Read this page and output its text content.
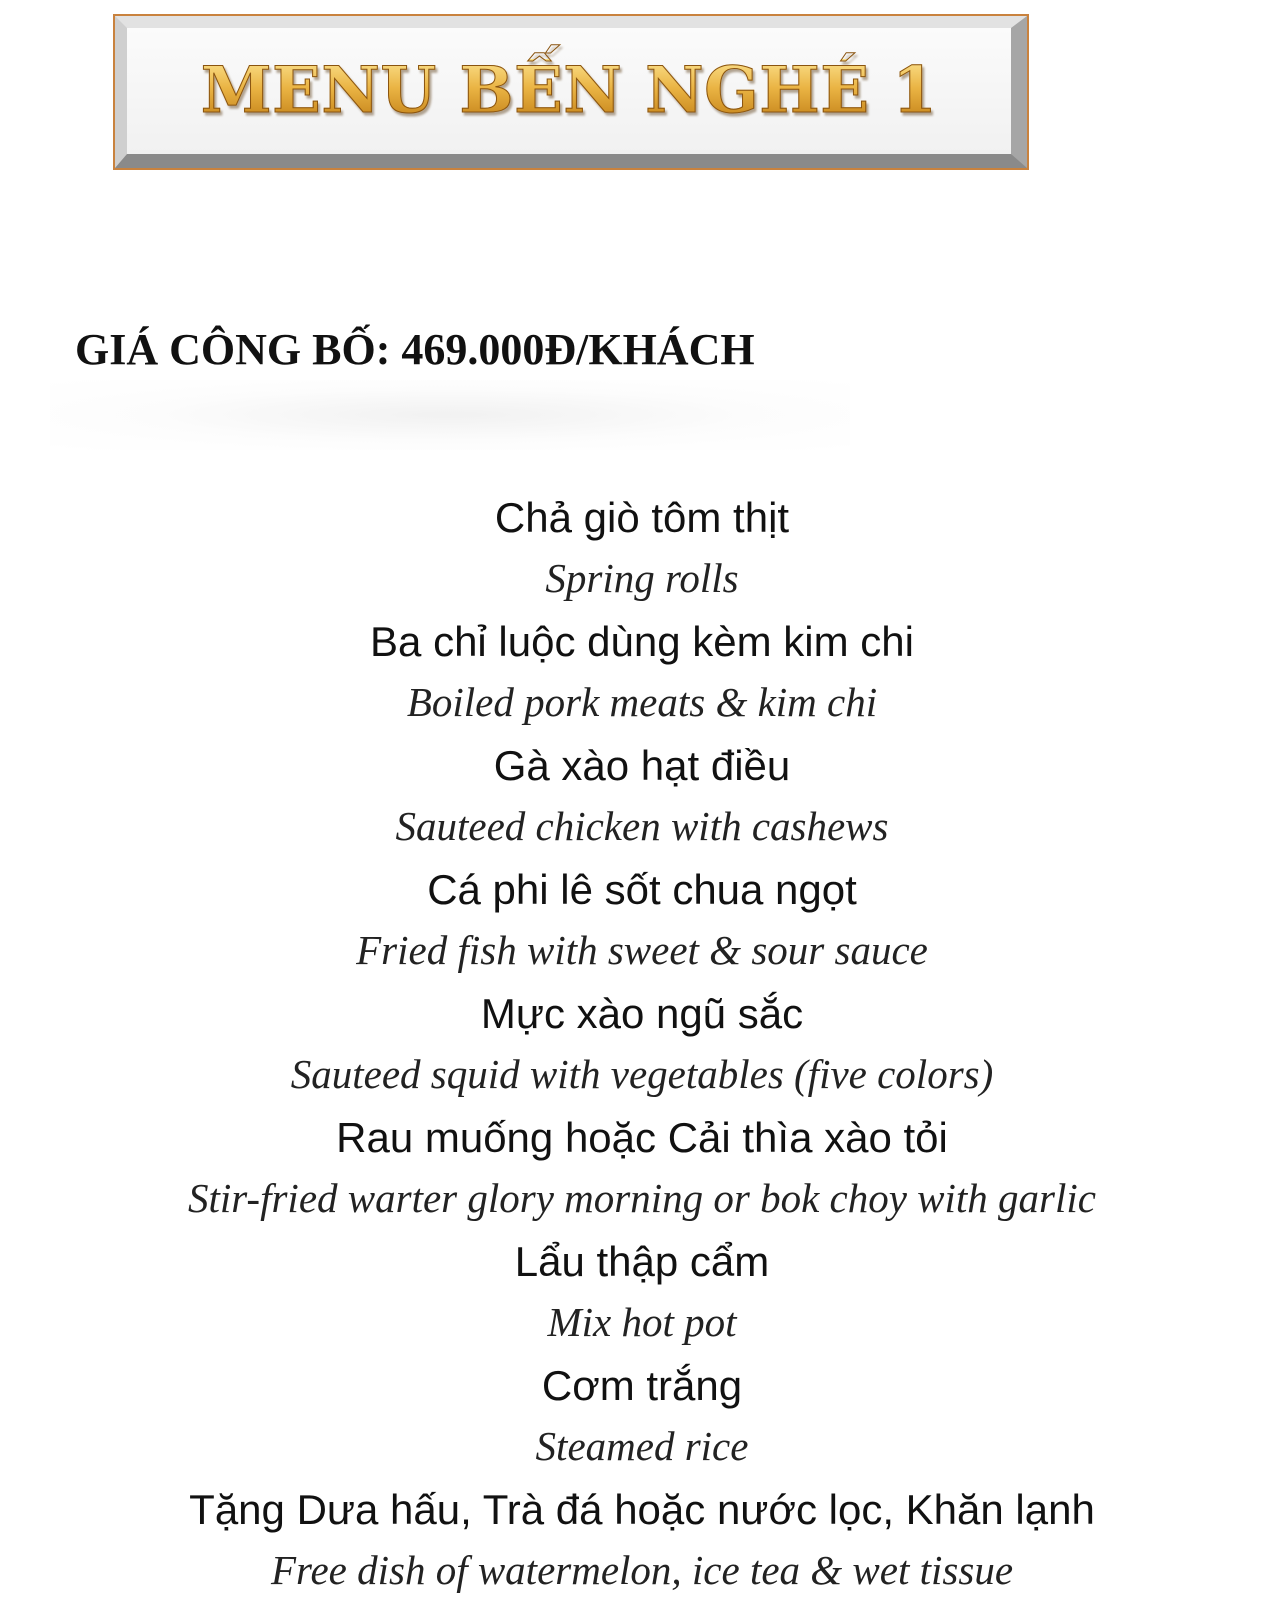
MENU BẾN NGHÉ 1
GIÁ CÔNG BỐ: 469.000Đ/KHÁCH
Chả giò tôm thịt
Spring rolls
Ba chỉ luộc dùng kèm kim chi
Boiled pork meats & kim chi
Gà xào hạt điều
Sauteed chicken with cashews
Cá phi lê sốt chua ngọt
Fried fish with sweet & sour sauce
Mực xào ngũ sắc
Sauteed squid with vegetables (five colors)
Rau muống hoặc Cải thìa xào tỏi
Stir-fried warter glory morning or bok choy with garlic
Lẩu thập cẩm
Mix hot pot
Cơm trắng
Steamed rice
Tặng Dưa hấu, Trà đá hoặc nước lọc, Khăn lạnh
Free dish of watermelon, ice tea & wet tissue
